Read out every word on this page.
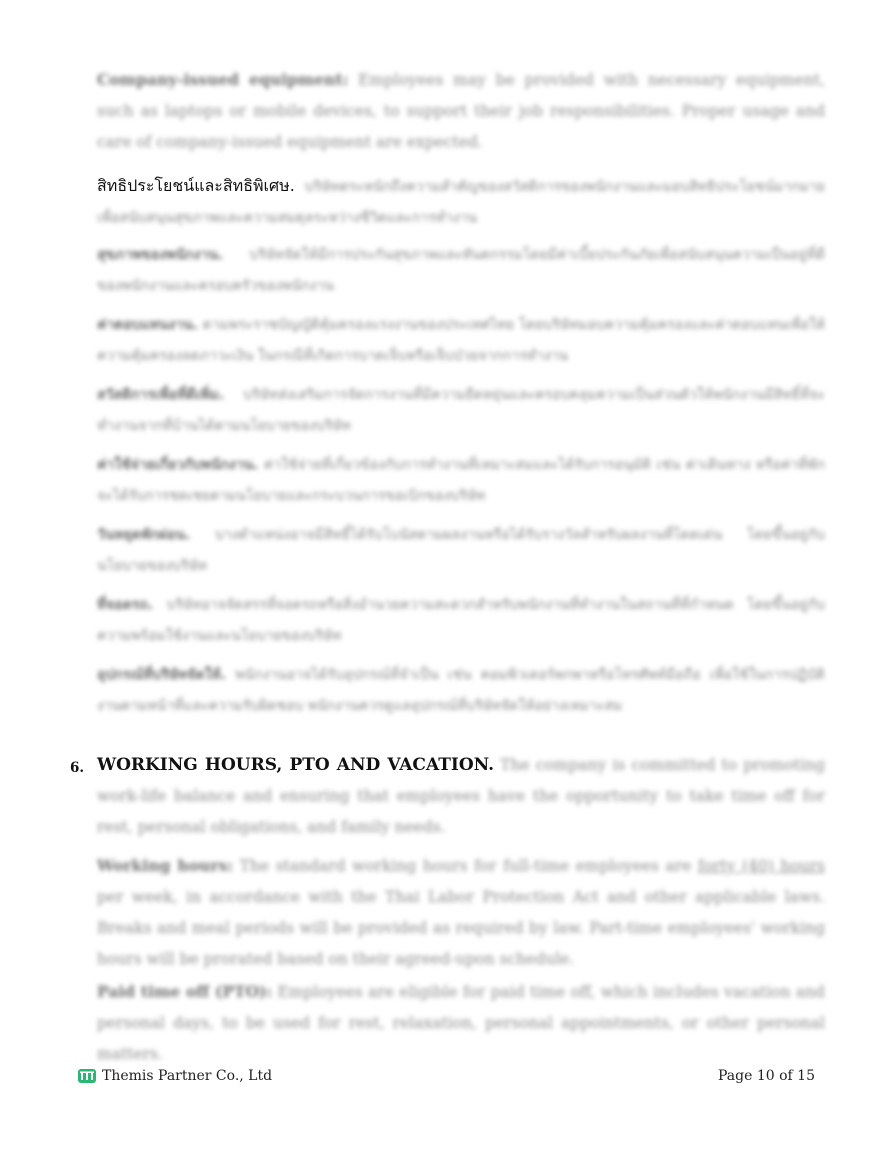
Company-issued equipment: Employees may be provided with necessary equipment, such as laptops or mobile devices, to support their job responsibilities. Proper usage and care of company-issued equipment are expected.

สิทธิประโยชน์และสิทธิพิเศษ. บริษัทตระหนักถึงความสำคัญของสวัสดิการของพนักงานและมอบสิทธิประโยชน์มากมายเพื่อสนับสนุนสุขภาพและความสมดุลระหว่างชีวิตและการทำงาน

สุขภาพของพนักงาน. บริษัทจัดให้มีการประกันสุขภาพและทันตกรรมโดยมีค่าเบี้ยประกันภัยเพื่อสนับสนุนความเป็นอยู่ที่ดีของพนักงานและครอบครัวของพนักงาน

ค่าตอบแทนงาน. ตามพระราชบัญญัติคุ้มครองแรงงานของประเทศไทย โดยบริษัทมอบความคุ้มครองและค่าตอบแทนเพื่อให้ความคุ้มครองลดภาวะเงิน ในกรณีที่เกิดการบาดเจ็บหรือเจ็บป่วยจากการทำงาน

สวัสดิการเพื่อที่ดีเพิ่ม. บริษัทส่งเสริมการจัดการงานที่มีความยืดหยุ่นและครอบคลุมความเป็นส่วนตัวให้พนักงานมีสิทธิ์ที่จะทำงานจากที่บ้านได้ตามนโยบายของบริษัท

ค่าใช้จ่ายเกี่ยวกับพนักงาน. ค่าใช้จ่ายที่เกี่ยวข้องกับการทำงานที่เหมาะสมและได้รับการอนุมัติ เช่น ค่าเดินทาง หรือค่าที่พักจะได้รับการชดเชยตามนโยบายและกระบวนการขอเบิกของบริษัท

วันหยุดพักผ่อน. บางตำแหน่งอาจมีสิทธิ์ได้รับโบนัสตามผลงานหรือได้รับรางวัลสำหรับผลงานที่โดดเด่น โดยขึ้นอยู่กับนโยบายของบริษัท

ที่จอดรถ. บริษัทอาจจัดสรรที่จอดรถหรือสิ่งอำนวยความสะดวกสำหรับพนักงานที่ทำงานในสถานที่ที่กำหนด โดยขึ้นอยู่กับความพร้อมใช้งานและนโยบายของบริษัท

อุปกรณ์ที่บริษัทจัดให้. พนักงานอาจได้รับอุปกรณ์ที่จำเป็น เช่น คอมพิวเตอร์พกพาหรือโทรศัพท์มือถือ เพื่อใช้ในการปฏิบัติงานตามหน้าที่และความรับผิดชอบ พนักงานควรดูแลอุปกรณ์ที่บริษัทจัดให้อย่างเหมาะสม

6. WORKING HOURS, PTO AND VACATION. The company is committed to promoting work-life balance and ensuring that employees have the opportunity to take time off for rest, personal obligations, and family needs.

Working hours: The standard working hours for full-time employees are forty (40) hours per week, in accordance with the Thai Labor Protection Act and other applicable laws. Breaks and meal periods will be provided as required by law. Part-time employees' working hours will be prorated based on their agreed-upon schedule.

Paid time off (PTO): Employees are eligible for paid time off, which includes vacation and personal days, to be used for rest, relaxation, personal appointments, or other personal matters.

Themis Partner Co., Ltd	Page 10 of 15
